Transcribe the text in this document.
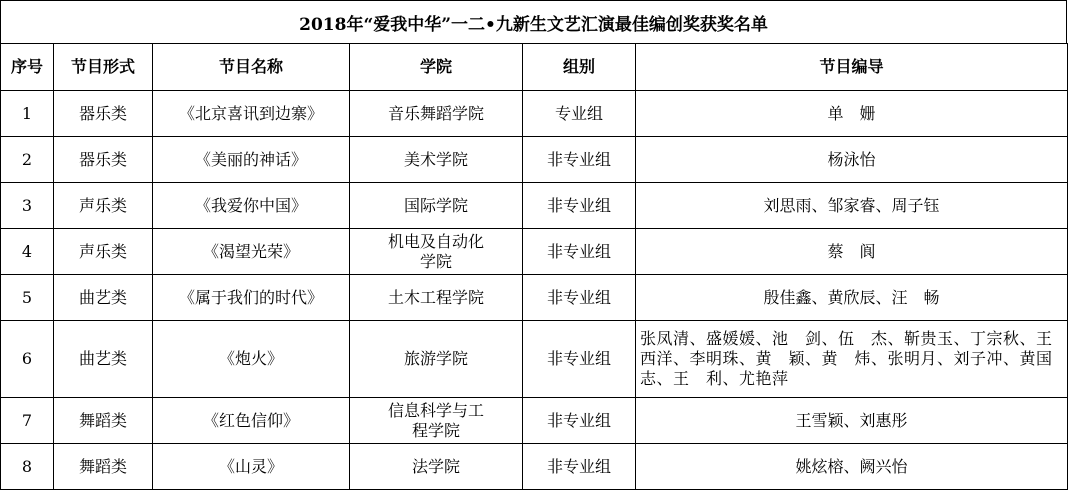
2018年“爱我中华”一二•九新生文艺汇演最佳编创奖获奖名单
序号	节目形式	节目名称	学院	组别	节目编导
1	器乐类	《北京喜讯到边寨》	音乐舞蹈学院	专业组	单　姗
2	器乐类	《美丽的神话》	美术学院	非专业组	杨泳怡
3	声乐类	《我爱你中国》	国际学院	非专业组	刘思雨、邹家睿、周子钰
4	声乐类	《渴望光荣》	机电及自动化学院	非专业组	蔡　阆
5	曲艺类	《属于我们的时代》	土木工程学院	非专业组	殷佳鑫、黄欣辰、汪　畅
6	曲艺类	《炮火》	旅游学院	非专业组	张凤清、盛媛媛、池　剑、伍　杰、靳贵玉、丁宗秋、王西洋、李明珠、黄　颖、黄　炜、张明月、刘子冲、黄国志、王　利、尤艳萍
7	舞蹈类	《红色信仰》	信息科学与工程学院	非专业组	王雪颖、刘惠彤
8	舞蹈类	《山灵》	法学院	非专业组	姚炫榕、阙兴怡
